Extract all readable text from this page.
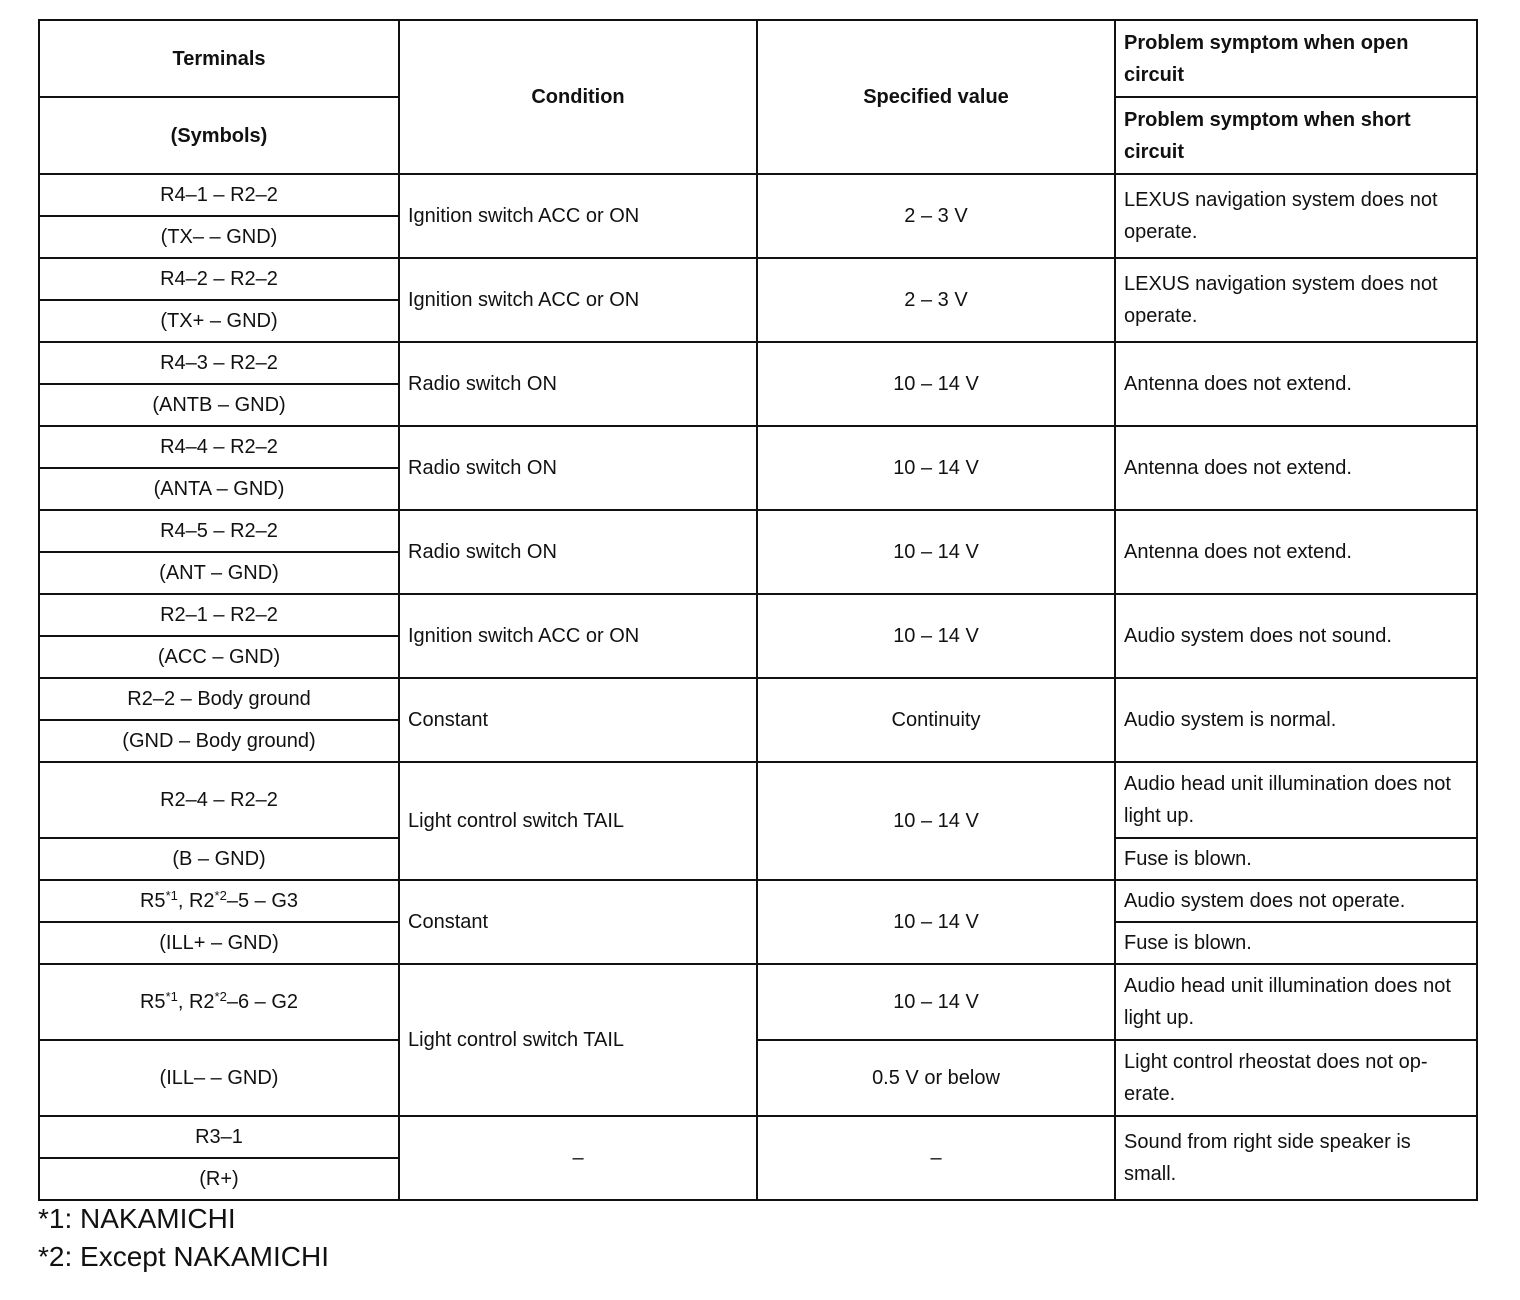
Terminals	Condition	Specified value	Problem symptom when open circuit
(Symbols)			Problem symptom when short circuit
R4–1 – R2–2	Ignition switch ACC or ON	2 – 3 V	LEXUS navigation system does not operate.
(TX– – GND)			
R4–2 – R2–2	Ignition switch ACC or ON	2 – 3 V	LEXUS navigation system does not operate.
(TX+ – GND)			
R4–3 – R2–2	Radio switch ON	10 – 14 V	Antenna does not extend.
(ANTB – GND)			
R4–4 – R2–2	Radio switch ON	10 – 14 V	Antenna does not extend.
(ANTA – GND)			
R4–5 – R2–2	Radio switch ON	10 – 14 V	Antenna does not extend.
(ANT – GND)			
R2–1 – R2–2	Ignition switch ACC or ON	10 – 14 V	Audio system does not sound.
(ACC – GND)			
R2–2 – Body ground	Constant	Continuity	Audio system is normal.
(GND – Body ground)			
R2–4 – R2–2	Light control switch TAIL	10 – 14 V	Audio head unit illumination does not light up.
(B – GND)			Fuse is blown.
R5$^{*1}$, R2$^{*2}$–5 – G3	Constant	10 – 14 V	Audio system does not operate.
(ILL+ – GND)			Fuse is blown.
R5$^{*1}$, R2$^{*2}$–6 – G2	Light control switch TAIL	10 – 14 V	Audio head unit illumination does not light up.
(ILL– – GND)		0.5 V or below	Light control rheostat does not op-erate.
R3–1	–	–	Sound from right side speaker is small.
(R+)			
*1: NAKAMICHI
*2: Except NAKAMICHI
